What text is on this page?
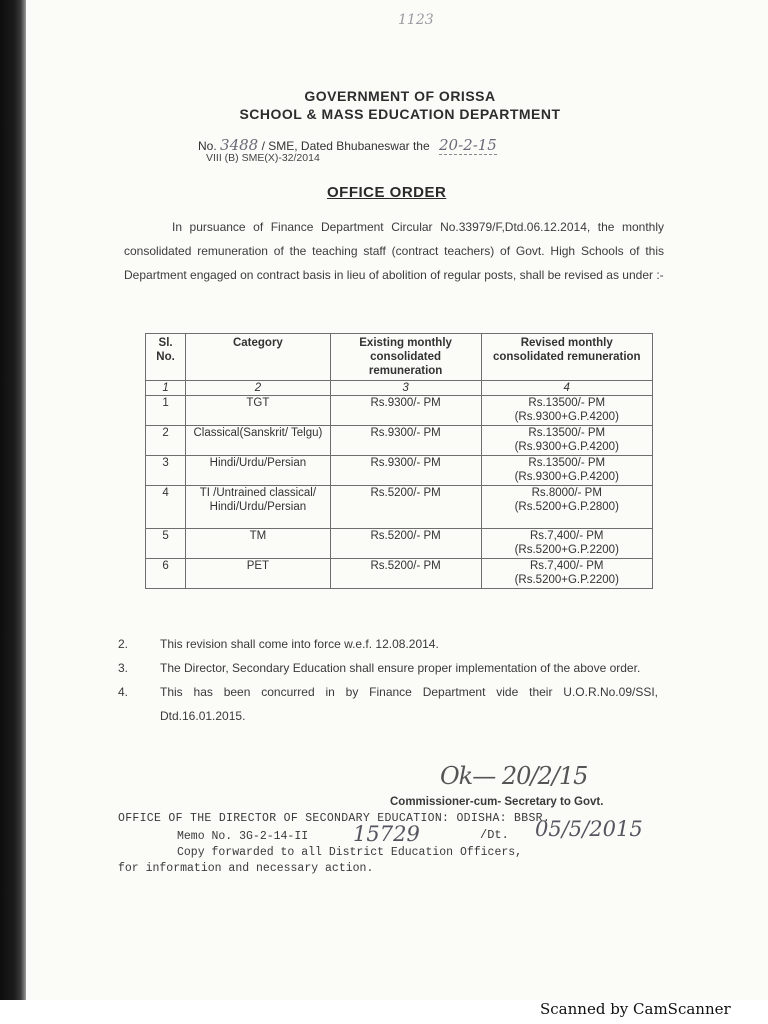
1123
GOVERNMENT OF ORISSA
SCHOOL & MASS EDUCATION DEPARTMENT
No. 3488 / SME, Dated Bhubaneswar the 20-2-15
VIII (B) SME(X)-32/2014
OFFICE ORDER
In pursuance of Finance Department Circular No.33979/F,Dtd.06.12.2014, the monthly consolidated remuneration of the teaching staff (contract teachers) of Govt. High Schools of this Department engaged on contract basis in lieu of abolition of regular posts, shall be revised as under :-
Sl. No.	Category	Existing monthly consolidated remuneration	Revised monthly consolidated remuneration
1	2	3	4
1	TGT	Rs.9300/- PM	Rs.13500/- PM
(Rs.9300+G.P.4200)
2	Classical(Sanskrit/ Telgu)	Rs.9300/- PM	Rs.13500/- PM
(Rs.9300+G.P.4200)
3	Hindi/Urdu/Persian	Rs.9300/- PM	Rs.13500/- PM
(Rs.9300+G.P.4200)
4	TI /Untrained classical/ Hindi/Urdu/Persian	Rs.5200/- PM	Rs.8000/- PM
(Rs.5200+G.P.2800)
5	TM	Rs.5200/- PM	Rs.7,400/- PM
(Rs.5200+G.P.2200)
6	PET	Rs.5200/- PM	Rs.7,400/- PM
(Rs.5200+G.P.2200)
2.	This revision shall come into force w.e.f. 12.08.2014.
3.	The Director, Secondary Education shall ensure proper implementation of the above order.
4.	This has been concurred in by Finance Department vide their U.O.R.No.09/SSI, Dtd.16.01.2015.
Ok— 20/2/15
Commissioner-cum- Secretary to Govt.
OFFICE OF THE DIRECTOR OF SECONDARY EDUCATION: ODISHA: BBSR.
Memo No. 3G-2-14-II 15729	/Dt. 05/5/2015
Copy forwarded to all District Education Officers,
for information and necessary action.
Scanned by CamScanner
